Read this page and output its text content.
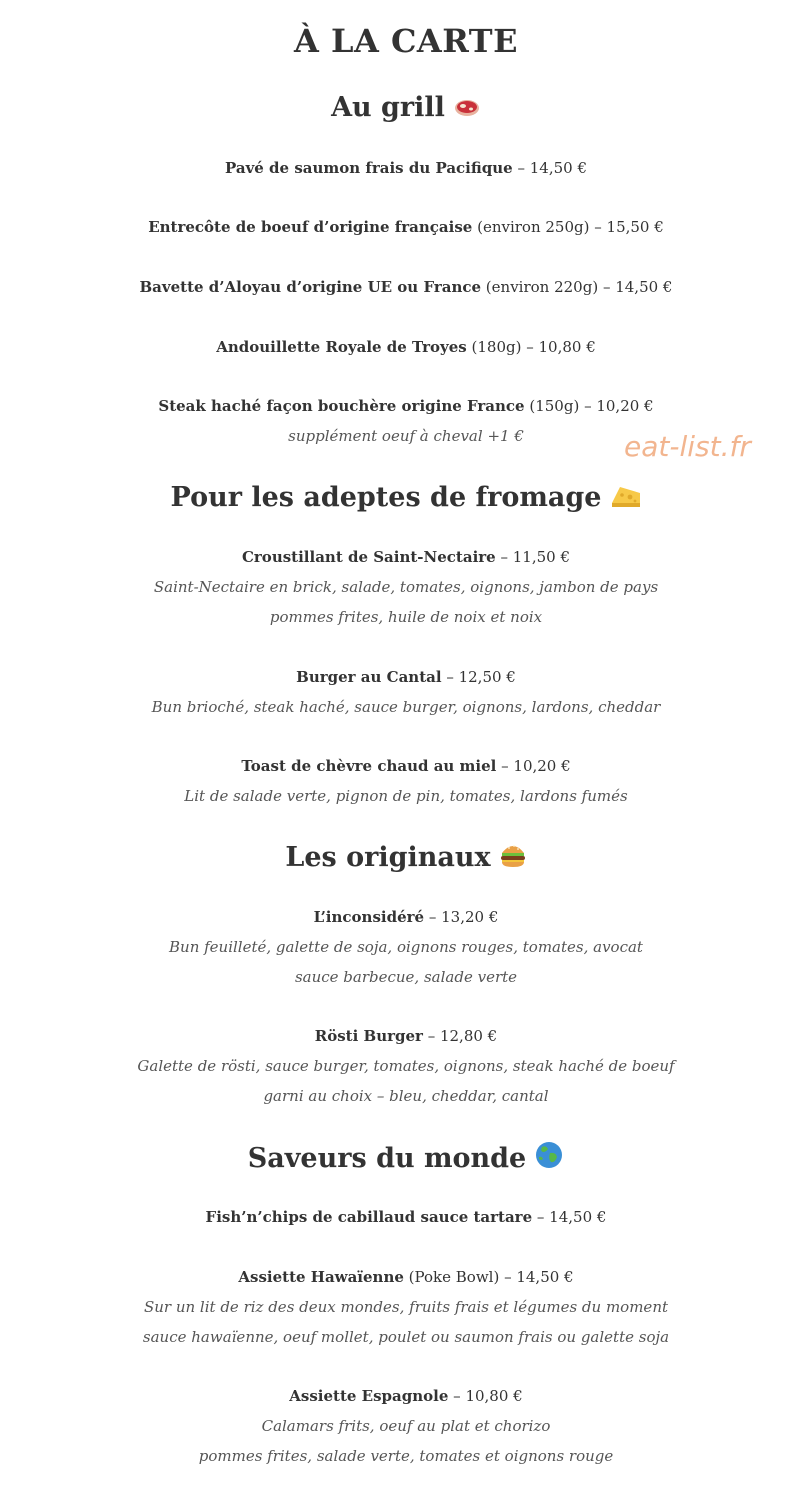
À LA CARTE
eat-list.fr
Au grill
Pavé de saumon frais du Pacifique – 14,50 €
Entrecôte de boeuf d’origine française (environ 250g) – 15,50 €
Bavette d’Aloyau d’origine UE ou France (environ 220g) – 14,50 €
Andouillette Royale de Troyes (180g) – 10,80 €
Steak haché façon bouchère origine France (150g) – 10,20 €
supplément oeuf à cheval +1 €
Pour les adeptes de fromage
Croustillant de Saint-Nectaire – 11,50 €
Saint-Nectaire en brick, salade, tomates, oignons, jambon de pays
pommes frites, huile de noix et noix
Burger au Cantal – 12,50 €
Bun brioché, steak haché, sauce burger, oignons, lardons, cheddar
Toast de chèvre chaud au miel – 10,20 €
Lit de salade verte, pignon de pin, tomates, lardons fumés
Les originaux
L’inconsidéré – 13,20 €
Bun feuilleté, galette de soja, oignons rouges, tomates, avocat
sauce barbecue, salade verte
Rösti Burger – 12,80 €
Galette de rösti, sauce burger, tomates, oignons, steak haché de boeuf
garni au choix – bleu, cheddar, cantal
Saveurs du monde
Fish’n’chips de cabillaud sauce tartare – 14,50 €
Assiette Hawaïenne (Poke Bowl) – 14,50 €
Sur un lit de riz des deux mondes, fruits frais et légumes du moment
sauce hawaïenne, oeuf mollet, poulet ou saumon frais ou galette soja
Assiette Espagnole – 10,80 €
Calamars frits, oeuf au plat et chorizo
pommes frites, salade verte, tomates et oignons rouge
